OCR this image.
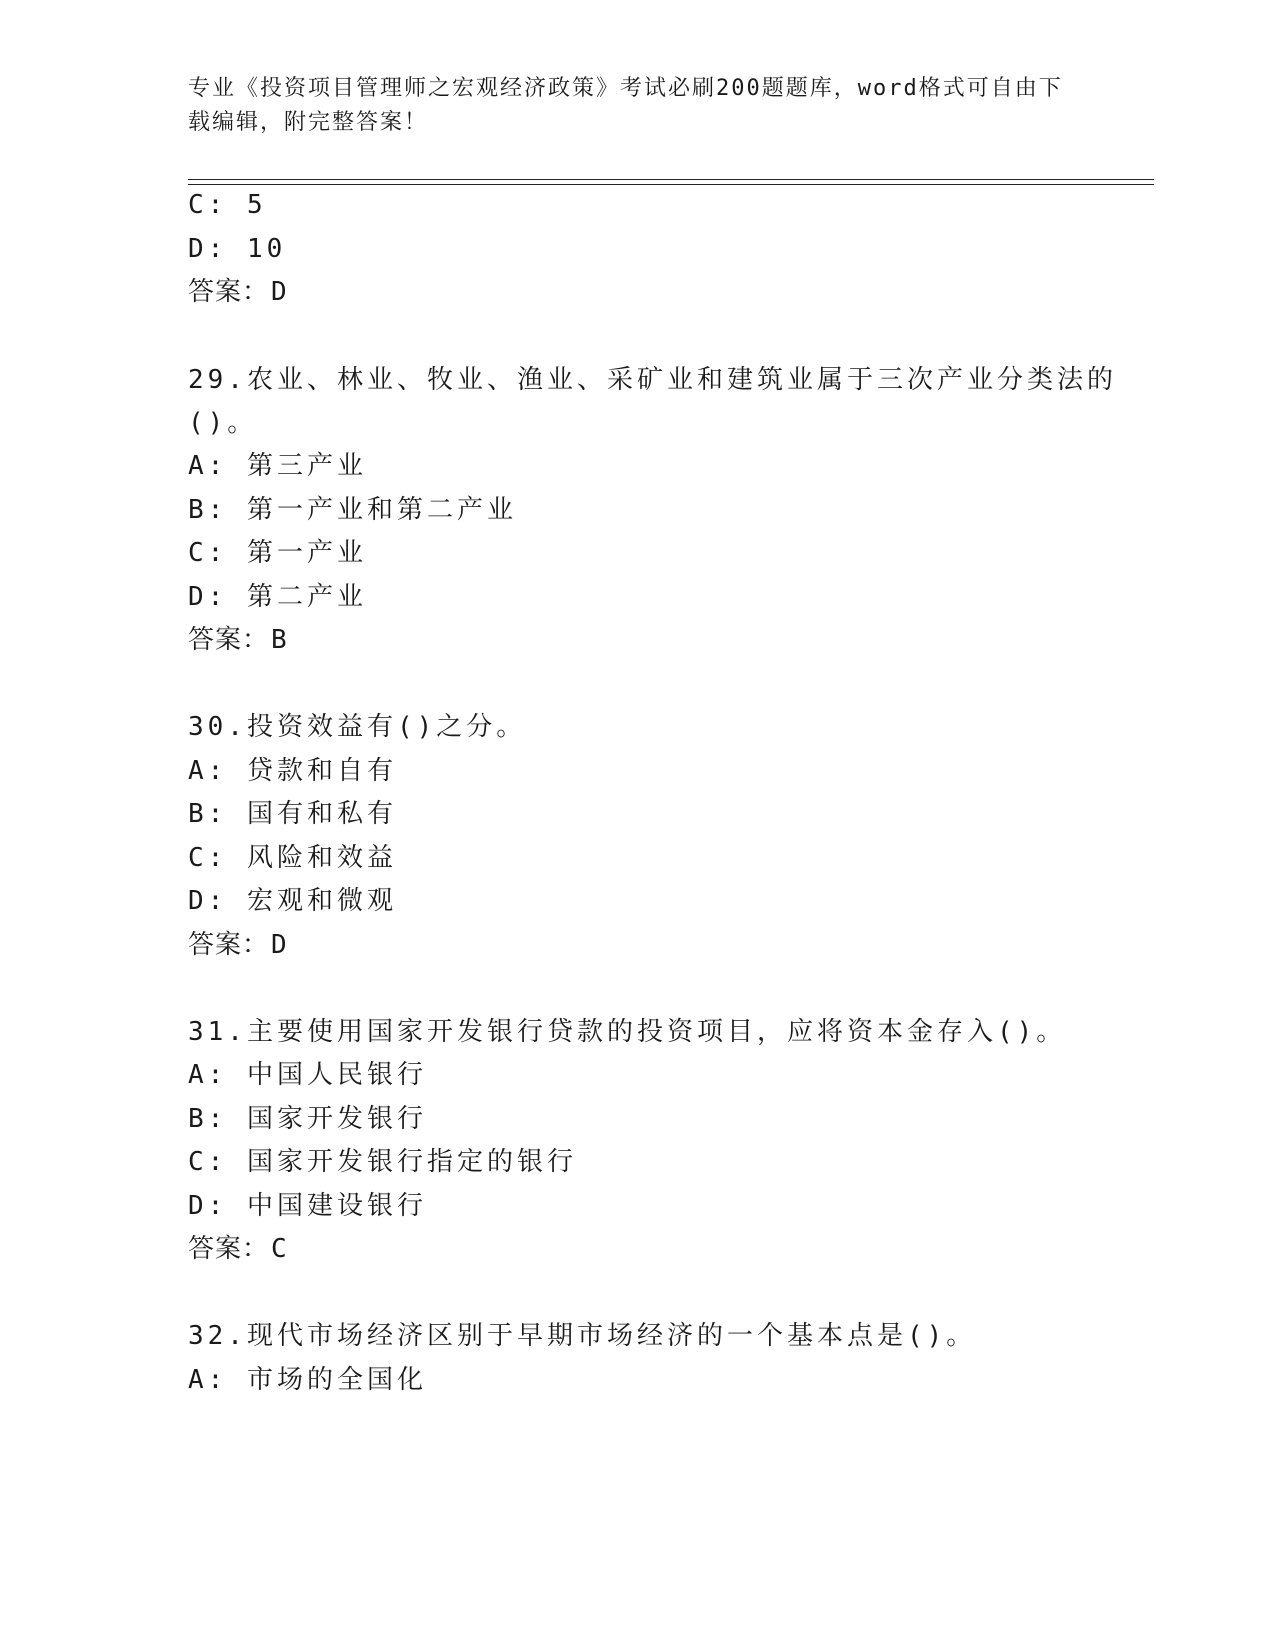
专业《投资项目管理师之宏观经济政策》考试必刷200题题库，word格式可自由下载编辑，附完整答案！
C: 5
D: 10
答案：D
29.农业、林业、牧业、渔业、采矿业和建筑业属于三次产业分类法的
()。
A: 第三产业
B: 第一产业和第二产业
C: 第一产业
D: 第二产业
答案：B
30.投资效益有()之分。
A: 贷款和自有
B: 国有和私有
C: 风险和效益
D: 宏观和微观
答案：D
31.主要使用国家开发银行贷款的投资项目，应将资本金存入()。
A: 中国人民银行
B: 国家开发银行
C: 国家开发银行指定的银行
D: 中国建设银行
答案：C
32.现代市场经济区别于早期市场经济的一个基本点是()。
A: 市场的全国化
